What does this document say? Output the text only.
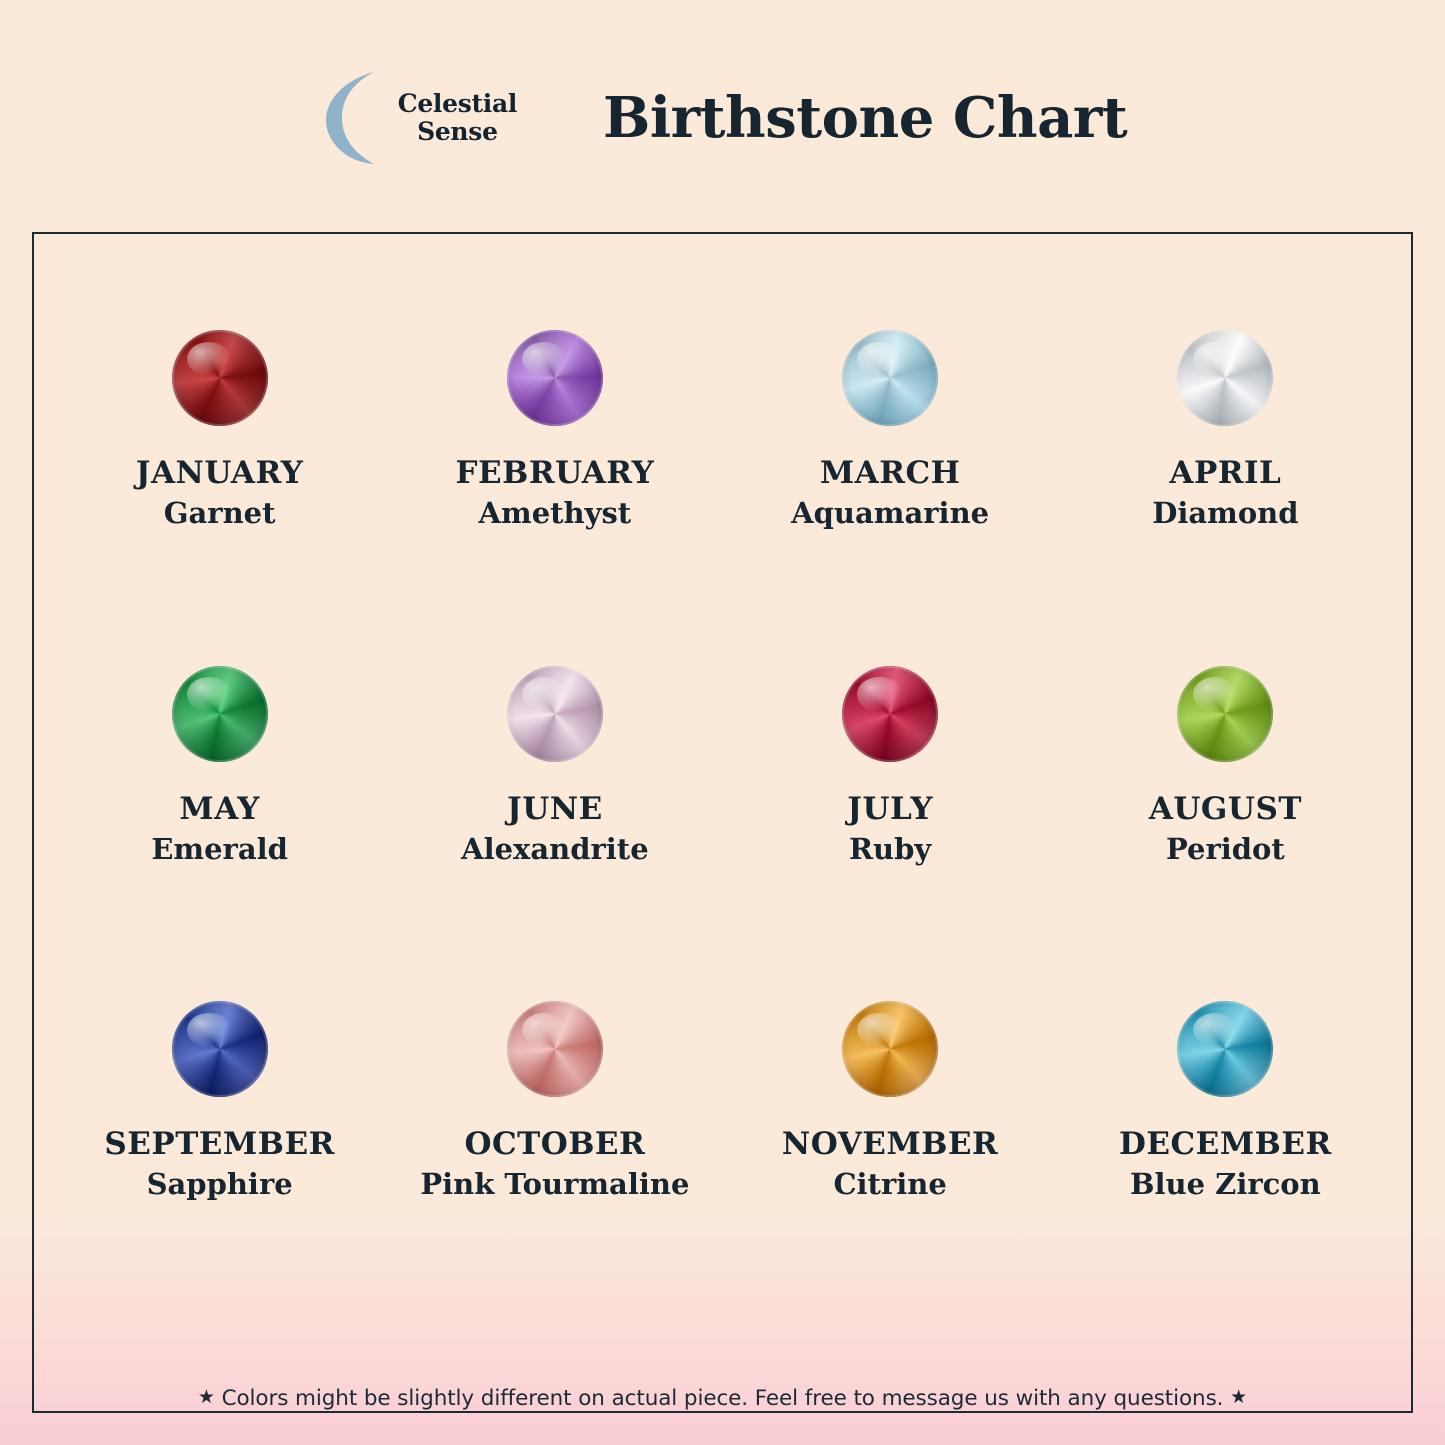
Celestial
Sense	Birthstone Chart
JANUARY
Garnet
FEBRUARY
Amethyst
MARCH
Aquamarine
APRIL
Diamond
MAY
Emerald
JUNE
Alexandrite
JULY
Ruby
AUGUST
Peridot
SEPTEMBER
Sapphire
OCTOBER
Pink Tourmaline
NOVEMBER
Citrine
DECEMBER
Blue Zircon
★ Colors might be slightly different on actual piece. Feel free to message us with any questions. ★
